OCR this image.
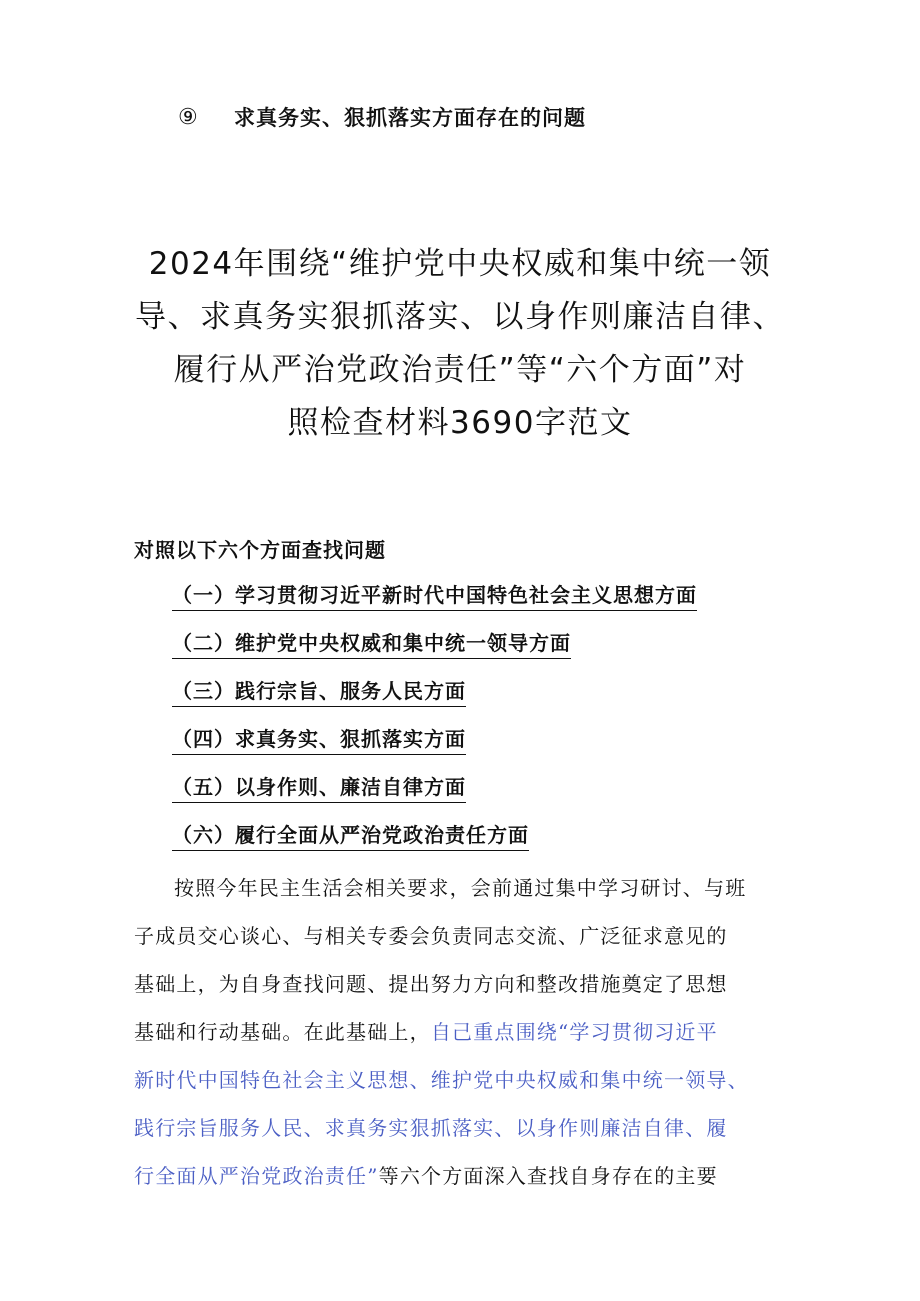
⑨	求真务实、狠抓落实方面存在的问题
2024年围绕“维护党中央权威和集中统一领
导、求真务实狠抓落实、以身作则廉洁自律、
履行从严治党政治责任”等“六个方面”对
照检查材料3690字范文
对照以下六个方面查找问题
（一）学习贯彻习近平新时代中国特色社会主义思想方面
（二）维护党中央权威和集中统一领导方面
（三）践行宗旨、服务人民方面
（四）求真务实、狠抓落实方面
（五）以身作则、廉洁自律方面
（六）履行全面从严治党政治责任方面
按照今年民主生活会相关要求，会前通过集中学习研讨、与班
子成员交心谈心、与相关专委会负责同志交流、广泛征求意见的
基础上，为自身查找问题、提出努力方向和整改措施奠定了思想
基础和行动基础。在此基础上，自己重点围绕“学习贯彻习近平
新时代中国特色社会主义思想、维护党中央权威和集中统一领导、
践行宗旨服务人民、求真务实狠抓落实、以身作则廉洁自律、履
行全面从严治党政治责任”等六个方面深入查找自身存在的主要
